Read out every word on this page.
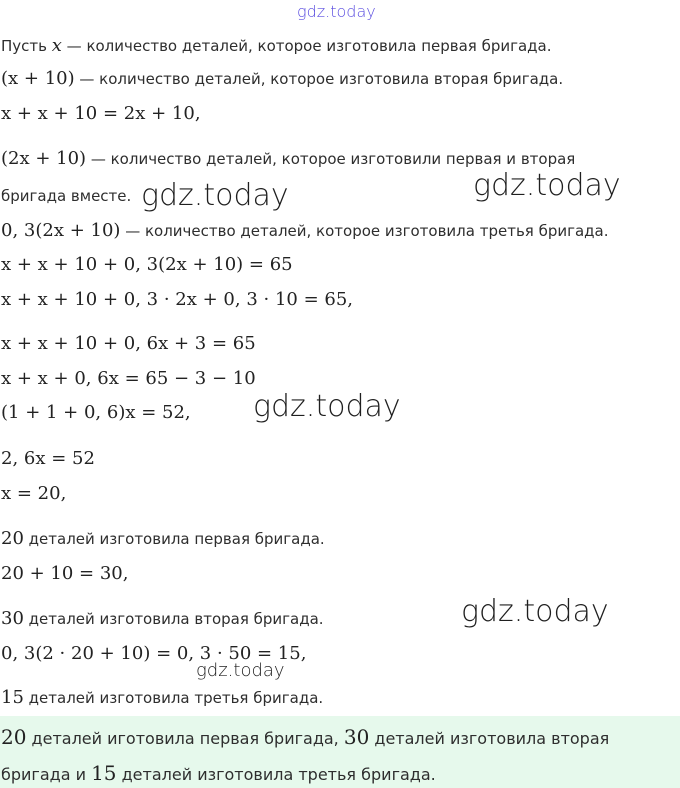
gdz.today
Пусть x — количество деталей, которое изготовила первая бригада.
(x + 10) — количество деталей, которое изготовила вторая бригада.
x + x + 10 = 2x + 10,
(2x + 10) — количество деталей, которое изготовили первая и вторая
бригада вместе. gdz.today	gdz.today
0, 3(2x + 10) — количество деталей, которое изготовила третья бригада.
x + x + 10 + 0, 3(2x + 10) = 65
x + x + 10 + 0, 3 · 2x + 0, 3 · 10 = 65,
x + x + 10 + 0, 6x + 3 = 65
x + x + 0, 6x = 65 − 3 − 10
(1 + 1 + 0, 6)x = 52, gdz.today
2, 6x = 52
x = 20,
20 деталей изготовила первая бригада.
20 + 10 = 30,
30 деталей изготовила вторая бригада.	gdz.today
0, 3(2 · 20 + 10) = 0, 3 · 50 = 15,
gdz.today
15 деталей изготовила третья бригада.
20 деталей иготовила первая бригада, 30 деталей изготовила вторая
бригада и 15 деталей изготовила третья бригада.
